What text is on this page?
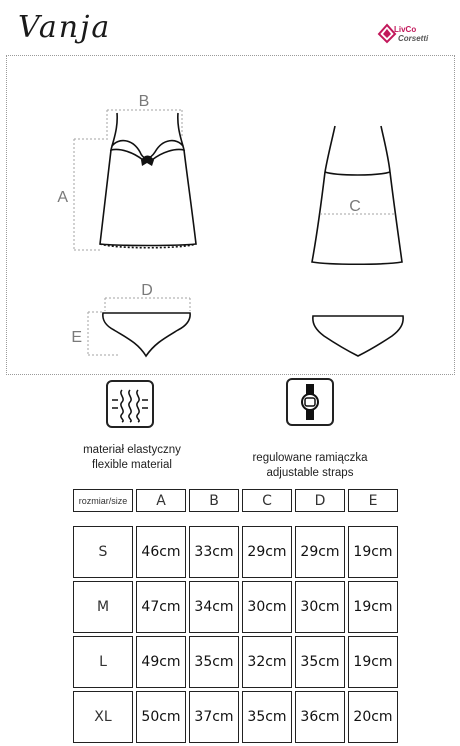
Vanja	LivCo
Corsetti
B
A
C
D
E
materiał elastyczny
flexible material
regulowane ramiączka
adjustable straps
rozmiar/size	A	B	C	D	E

S	46cm	33cm	29cm	29cm	19cm
M	47cm	34cm	30cm	30cm	19cm
L	49cm	35cm	32cm	35cm	19cm
XL	50cm	37cm	35cm	36cm	20cm
